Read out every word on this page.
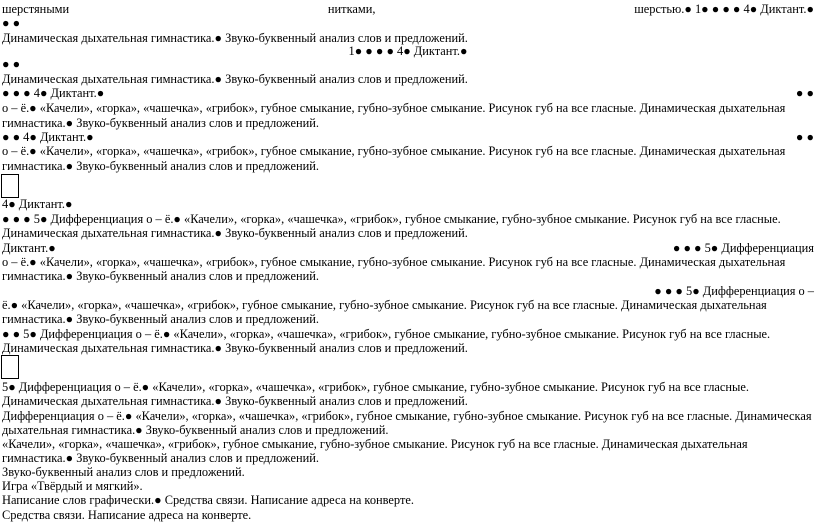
шерстяными	нитками,	шерстью.● 1● ● ● ● 4● Диктант.●
● ●
Динамическая дыхательная гимнастика.● Звуко-буквенный анализ слов и предложений.
1● ● ● ● 4● Диктант.●
● ●
Динамическая дыхательная гимнастика.● Звуко-буквенный анализ слов и предложений.
● ● ● 4● Диктант.●	● ●
о – ё.● «Качели», «горка», «чашечка», «грибок», губное смыкание, губно-зубное смыкание. Рисунок губ на все гласные. Динамическая дыхательная
гимнастика.● Звуко-буквенный анализ слов и предложений.
● ● 4● Диктант.●	● ●
о – ё.● «Качели», «горка», «чашечка», «грибок», губное смыкание, губно-зубное смыкание. Рисунок губ на все гласные. Динамическая дыхательная
гимнастика.● Звуко-буквенный анализ слов и предложений.
4● Диктант.●
● ● ● 5● Дифференциация о – ё.● «Качели», «горка», «чашечка», «грибок», губное смыкание, губно-зубное смыкание. Рисунок губ на все гласные.
Динамическая дыхательная гимнастика.● Звуко-буквенный анализ слов и предложений.
Диктант.●	● ● ● 5● Дифференциация
о – ё.● «Качели», «горка», «чашечка», «грибок», губное смыкание, губно-зубное смыкание. Рисунок губ на все гласные. Динамическая дыхательная
гимнастика.● Звуко-буквенный анализ слов и предложений.
● ● ● 5● Дифференциация о –
ё.● «Качели», «горка», «чашечка», «грибок», губное смыкание, губно-зубное смыкание. Рисунок губ на все гласные. Динамическая дыхательная
гимнастика.● Звуко-буквенный анализ слов и предложений.
● ● 5● Дифференциация о – ё.● «Качели», «горка», «чашечка», «грибок», губное смыкание, губно-зубное смыкание. Рисунок губ на все гласные.
Динамическая дыхательная гимнастика.● Звуко-буквенный анализ слов и предложений.
5● Дифференциация о – ё.● «Качели», «горка», «чашечка», «грибок», губное смыкание, губно-зубное смыкание. Рисунок губ на все гласные.
Динамическая дыхательная гимнастика.● Звуко-буквенный анализ слов и предложений.
Дифференциация о – ё.● «Качели», «горка», «чашечка», «грибок», губное смыкание, губно-зубное смыкание. Рисунок губ на все гласные. Динамическая
дыхательная гимнастика.● Звуко-буквенный анализ слов и предложений.
«Качели», «горка», «чашечка», «грибок», губное смыкание, губно-зубное смыкание. Рисунок губ на все гласные. Динамическая дыхательная
гимнастика.● Звуко-буквенный анализ слов и предложений.
Звуко-буквенный анализ слов и предложений.
Игра «Твёрдый и мягкий».
Написание слов графически.● Средства связи. Написание адреса на конверте.
Средства связи. Написание адреса на конверте.
